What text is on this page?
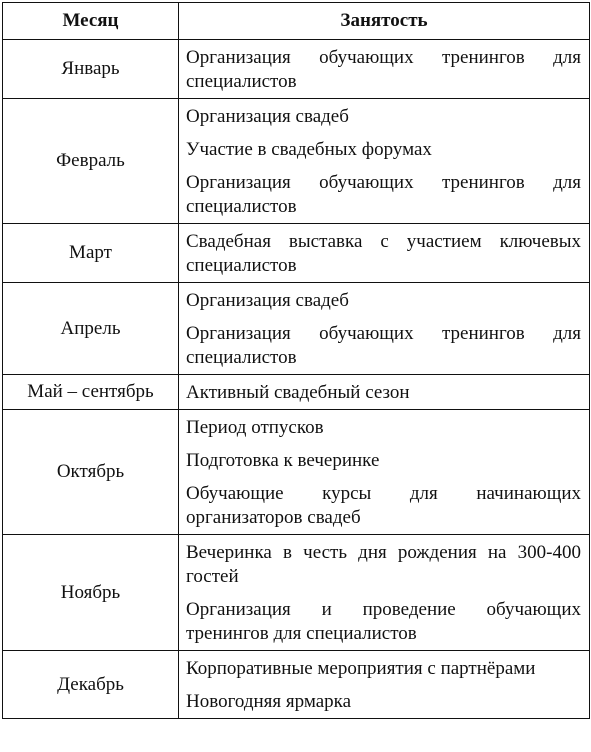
Месяц	Занятость
Январь	Организация обучающих тренингов для специалистов

Февраль	Организация свадеб
Участие в свадебных форумах
Организация обучающих тренингов для специалистов

Март	Свадебная выставка с участием ключевых специалистов

Апрель	Организация свадеб
Организация обучающих тренингов для специалистов

Май – сентябрь	Активный свадебный сезон

Октябрь	Период отпусков
Подготовка к вечеринке
Обучающие курсы для начинающих организаторов свадеб

Ноябрь	Вечеринка в честь дня рождения на 300-400 гостей
Организация и проведение обучающих тренингов для специалистов

Декабрь	Корпоративные мероприятия с партнёрами
Новогодняя ярмарка
